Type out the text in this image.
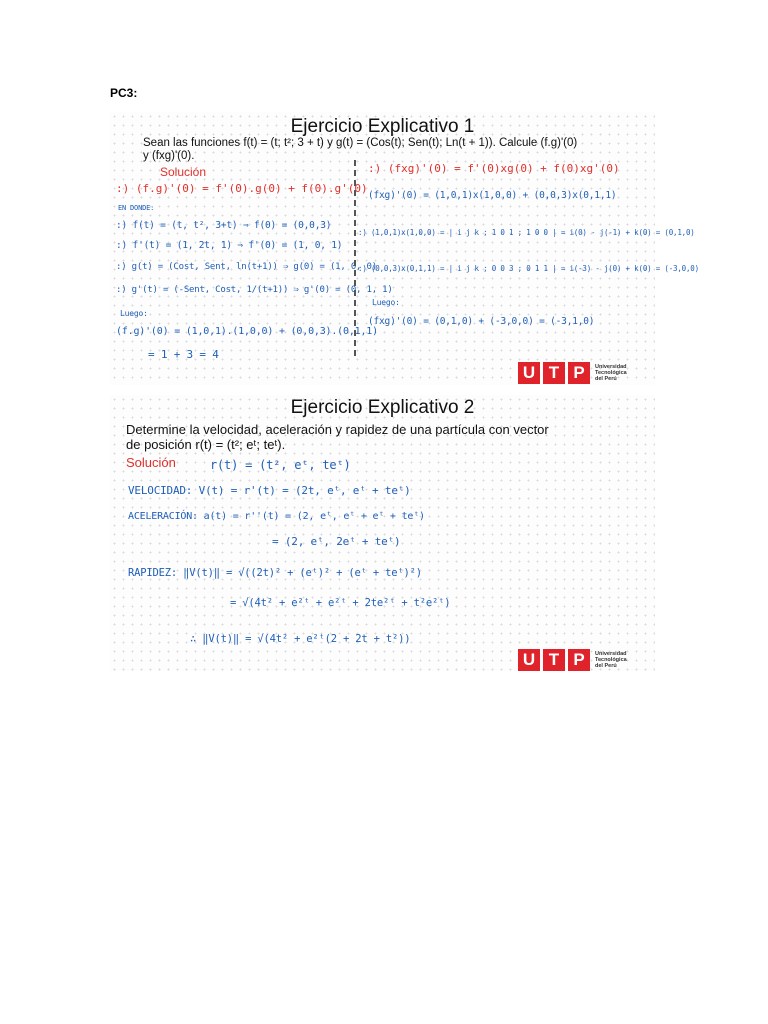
PC3:
Ejercicio Explicativo 1
Sean las funciones f(t) = (t; t²; 3 + t) y g(t) = (Cos(t); Sen(t); Ln(t + 1)). Calcule (f.g)'(0)
y (fxg)'(0).
Solución
:) (f.g)'(0) = f'(0).g(0) + f(0).g'(0)
EN DONDE:
:) f(t) = (t, t², 3+t) ⇒ f(0) = (0,0,3)
:) f'(t) = (1, 2t, 1) ⇒ f'(0) = (1, 0, 1)
:) g(t) = (Cost, Sent, ln(t+1)) ⇒ g(0) = (1, 0, 0)
:) g'(t) = (-Sent, Cost, 1/(t+1)) ⇒ g'(0) = (0, 1, 1)
Luego:
(f.g)'(0) = (1,0,1).(1,0,0) + (0,0,3).(0,1,1)
= 1 + 3 = 4
:) (fxg)'(0) = f'(0)xg(0) + f(0)xg'(0)
(fxg)'(0) = (1,0,1)x(1,0,0) + (0,0,3)x(0,1,1)
:) (1,0,1)x(1,0,0) = | i j k ; 1 0 1 ; 1 0 0 | = i(0) - j(-1) + k(0) = (0,1,0)
:) (0,0,3)x(0,1,1) = | i j k ; 0 0 3 ; 0 1 1 | = i(-3) - j(0) + k(0) = (-3,0,0)
Luego:
(fxg)'(0) = (0,1,0) + (-3,0,0) = (-3,1,0)
U T P	Universidad
Tecnológica
del Perú
Ejercicio Explicativo 2
Determine la velocidad, aceleración y rapidez de una partícula con vector
de posición r(t) = (t²; eᵗ; teᵗ).
Solución	r(t) = (t², eᵗ, teᵗ)
VELOCIDAD: V(t) = r'(t) = (2t, eᵗ, eᵗ + teᵗ)
ACELERACIÓN: a(t) = r''(t) = (2, eᵗ, eᵗ + eᵗ + teᵗ)
= (2, eᵗ, 2eᵗ + teᵗ)
RAPIDEZ: ‖V(t)‖ = √((2t)² + (eᵗ)² + (eᵗ + teᵗ)²)
= √(4t² + e²ᵗ + e²ᵗ + 2te²ᵗ + t²e²ᵗ)
∴ ‖V(t)‖ = √(4t² + e²ᵗ(2 + 2t + t²))
U T P	Universidad
Tecnológica
del Perú
